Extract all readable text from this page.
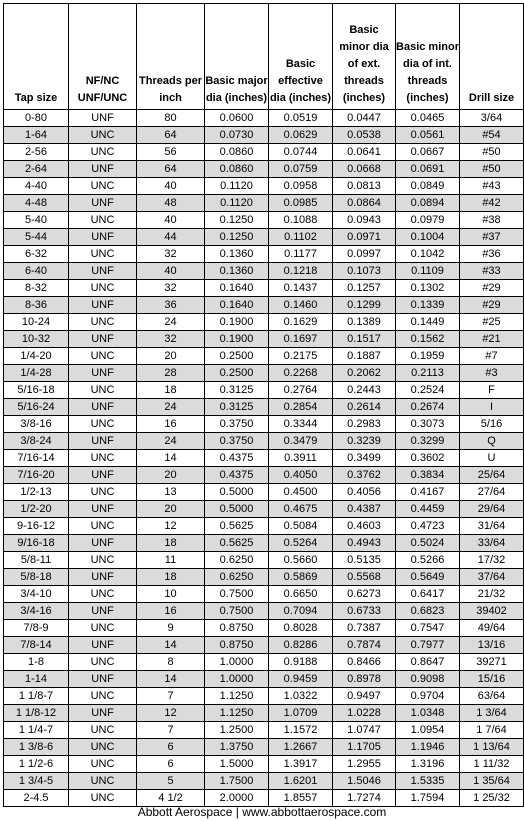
Tap size	NF/NC UNF/UNC	Threads per inch	Basic major dia (inches)	Basic effective dia (inches)	Basic minor dia of ext. threads (inches)	Basic minor dia of int. threads (inches)	Drill size
0-80	UNF	80	0.0600	0.0519	0.0447	0.0465	3/64
1-64	UNC	64	0.0730	0.0629	0.0538	0.0561	#54
2-56	UNC	56	0.0860	0.0744	0.0641	0.0667	#50
2-64	UNF	64	0.0860	0.0759	0.0668	0.0691	#50
4-40	UNC	40	0.1120	0.0958	0.0813	0.0849	#43
4-48	UNF	48	0.1120	0.0985	0.0864	0.0894	#42
5-40	UNC	40	0.1250	0.1088	0.0943	0.0979	#38
5-44	UNF	44	0.1250	0.1102	0.0971	0.1004	#37
6-32	UNC	32	0.1360	0.1177	0.0997	0.1042	#36
6-40	UNF	40	0.1360	0.1218	0.1073	0.1109	#33
8-32	UNC	32	0.1640	0.1437	0.1257	0.1302	#29
8-36	UNF	36	0.1640	0.1460	0.1299	0.1339	#29
10-24	UNC	24	0.1900	0.1629	0.1389	0.1449	#25
10-32	UNF	32	0.1900	0.1697	0.1517	0.1562	#21
1/4-20	UNC	20	0.2500	0.2175	0.1887	0.1959	#7
1/4-28	UNF	28	0.2500	0.2268	0.2062	0.2113	#3
5/16-18	UNC	18	0.3125	0.2764	0.2443	0.2524	F
5/16-24	UNF	24	0.3125	0.2854	0.2614	0.2674	I
3/8-16	UNC	16	0.3750	0.3344	0.2983	0.3073	5/16
3/8-24	UNF	24	0.3750	0.3479	0.3239	0.3299	Q
7/16-14	UNC	14	0.4375	0.3911	0.3499	0.3602	U
7/16-20	UNF	20	0.4375	0.4050	0.3762	0.3834	25/64
1/2-13	UNC	13	0.5000	0.4500	0.4056	0.4167	27/64
1/2-20	UNF	20	0.5000	0.4675	0.4387	0.4459	29/64
9-16-12	UNC	12	0.5625	0.5084	0.4603	0.4723	31/64
9/16-18	UNF	18	0.5625	0.5264	0.4943	0.5024	33/64
5/8-11	UNC	11	0.6250	0.5660	0.5135	0.5266	17/32
5/8-18	UNF	18	0.6250	0.5869	0.5568	0.5649	37/64
3/4-10	UNC	10	0.7500	0.6650	0.6273	0.6417	21/32
3/4-16	UNF	16	0.7500	0.7094	0.6733	0.6823	39402
7/8-9	UNC	9	0.8750	0.8028	0.7387	0.7547	49/64
7/8-14	UNF	14	0.8750	0.8286	0.7874	0.7977	13/16
1-8	UNC	8	1.0000	0.9188	0.8466	0.8647	39271
1-14	UNF	14	1.0000	0.9459	0.8978	0.9098	15/16
1 1/8-7	UNC	7	1.1250	1.0322	0.9497	0.9704	63/64
1 1/8-12	UNF	12	1.1250	1.0709	1.0228	1.0348	1 3/64
1 1/4-7	UNC	7	1.2500	1.1572	1.0747	1.0954	1 7/64
1 3/8-6	UNC	6	1.3750	1.2667	1.1705	1.1946	1 13/64
1 1/2-6	UNC	6	1.5000	1.3917	1.2955	1.3196	1 11/32
1 3/4-5	UNC	5	1.7500	1.6201	1.5046	1.5335	1 35/64
2-4.5	UNC	4 1/2	2.0000	1.8557	1.7274	1.7594	1 25/32
Abbott Aerospace | www.abbottaerospace.com
